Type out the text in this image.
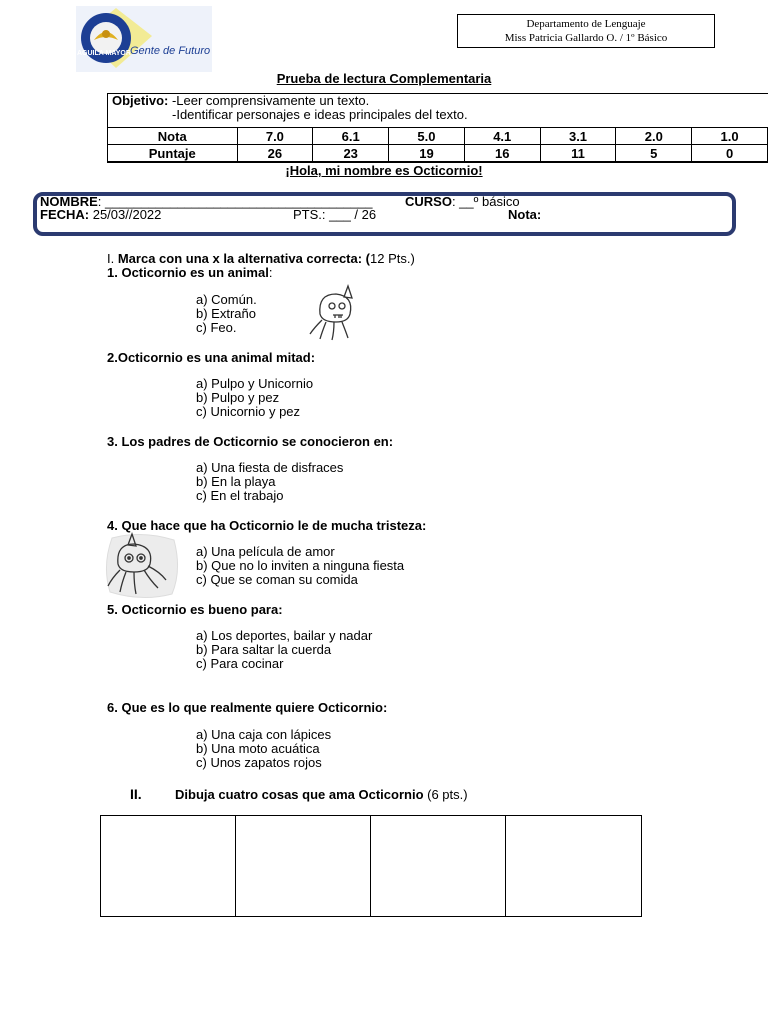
AGUILA MAYOR Gente de Futuro
Departamento de Lenguaje
Miss Patricia Gallardo O. / 1º Básico
Prueba de lectura Complementaria
Objetivo: -Leer comprensivamente un texto.
-Identificar personajes e ideas principales del texto.
Nota	7.0	6.1	5.0	4.1	3.1	2.0	1.0
Puntaje	26	23	19	16	11	5	0
¡Hola, mi nombre es Octicornio!
NOMBRE: _____________________________________ CURSO: __º básico
FECHA: 25/03//2022	PTS.: ___ / 26	Nota:
I. Marca con una x la alternativa correcta: (12 Pts.)
1. Octicornio es un animal:
a) Común.
b) Extraño
c) Feo.
2.Octicornio es una animal mitad:
a) Pulpo y Unicornio
b) Pulpo y pez
c) Unicornio y pez
3. Los padres de Octicornio se conocieron en:
a) Una fiesta de disfraces
b) En la playa
c) En el trabajo
4. Que hace que ha Octicornio le de mucha tristeza:
a) Una película de amor
b) Que no lo inviten a ninguna fiesta
c) Que se coman su comida
5. Octicornio es bueno para:
a) Los deportes, bailar y nadar
b) Para saltar la cuerda
c) Para cocinar
6. Que es lo que realmente quiere Octicornio:
a) Una caja con lápices
b) Una moto acuática
c) Unos zapatos rojos
II.	Dibuja cuatro cosas que ama Octicornio (6 pts.)
